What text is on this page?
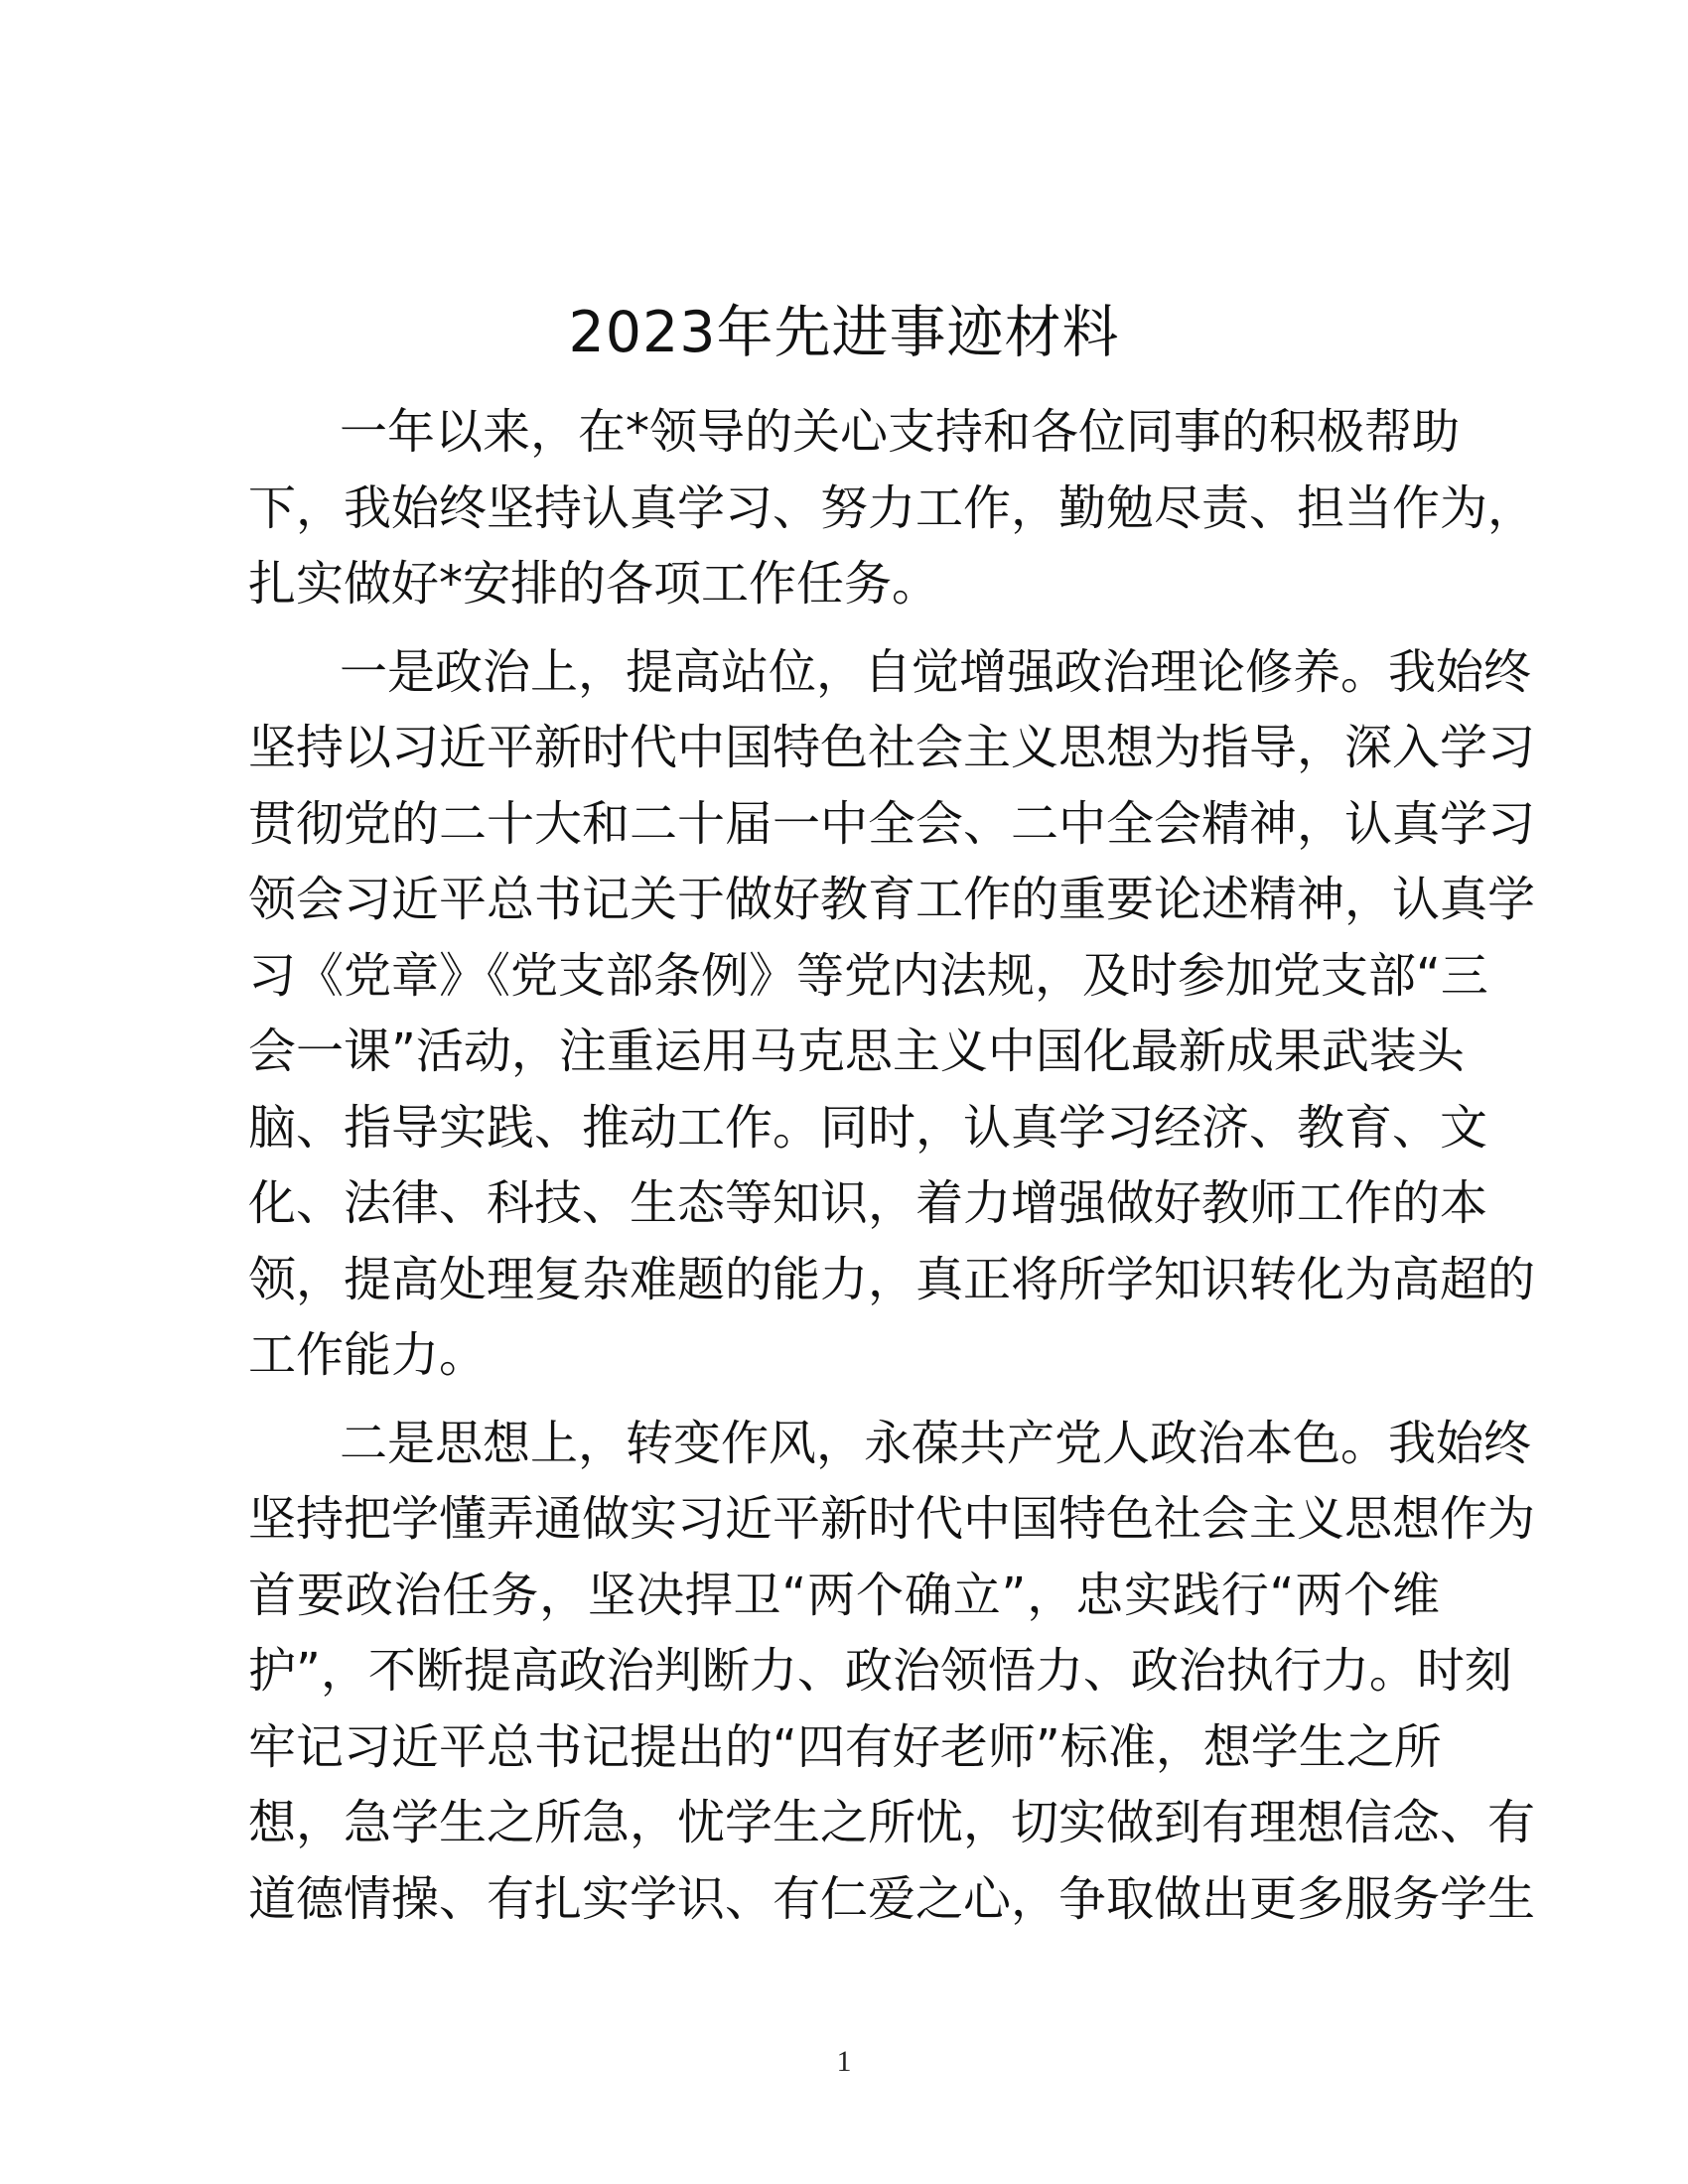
2023年先进事迹材料

一年以来，在*领导的关心支持和各位同事的积极帮助
下，我始终坚持认真学习、努力工作，勤勉尽责、担当作为，
扎实做好*安排的各项工作任务。

一是政治上，提高站位，自觉增强政治理论修养。我始终
坚持以习近平新时代中国特色社会主义思想为指导，深入学习
贯彻党的二十大和二十届一中全会、二中全会精神，认真学习
领会习近平总书记关于做好教育工作的重要论述精神，认真学
习《党章》《党支部条例》等党内法规，及时参加党支部“三
会一课”活动，注重运用马克思主义中国化最新成果武装头
脑、指导实践、推动工作。同时，认真学习经济、教育、文
化、法律、科技、生态等知识，着力增强做好教师工作的本
领，提高处理复杂难题的能力，真正将所学知识转化为高超的
工作能力。

二是思想上，转变作风，永葆共产党人政治本色。我始终
坚持把学懂弄通做实习近平新时代中国特色社会主义思想作为
首要政治任务，坚决捍卫“两个确立”，忠实践行“两个维
护”，不断提高政治判断力、政治领悟力、政治执行力。时刻
牢记习近平总书记提出的“四有好老师”标准，想学生之所
想，急学生之所急，忧学生之所忧，切实做到有理想信念、有
道德情操、有扎实学识、有仁爱之心，争取做出更多服务学生

1
